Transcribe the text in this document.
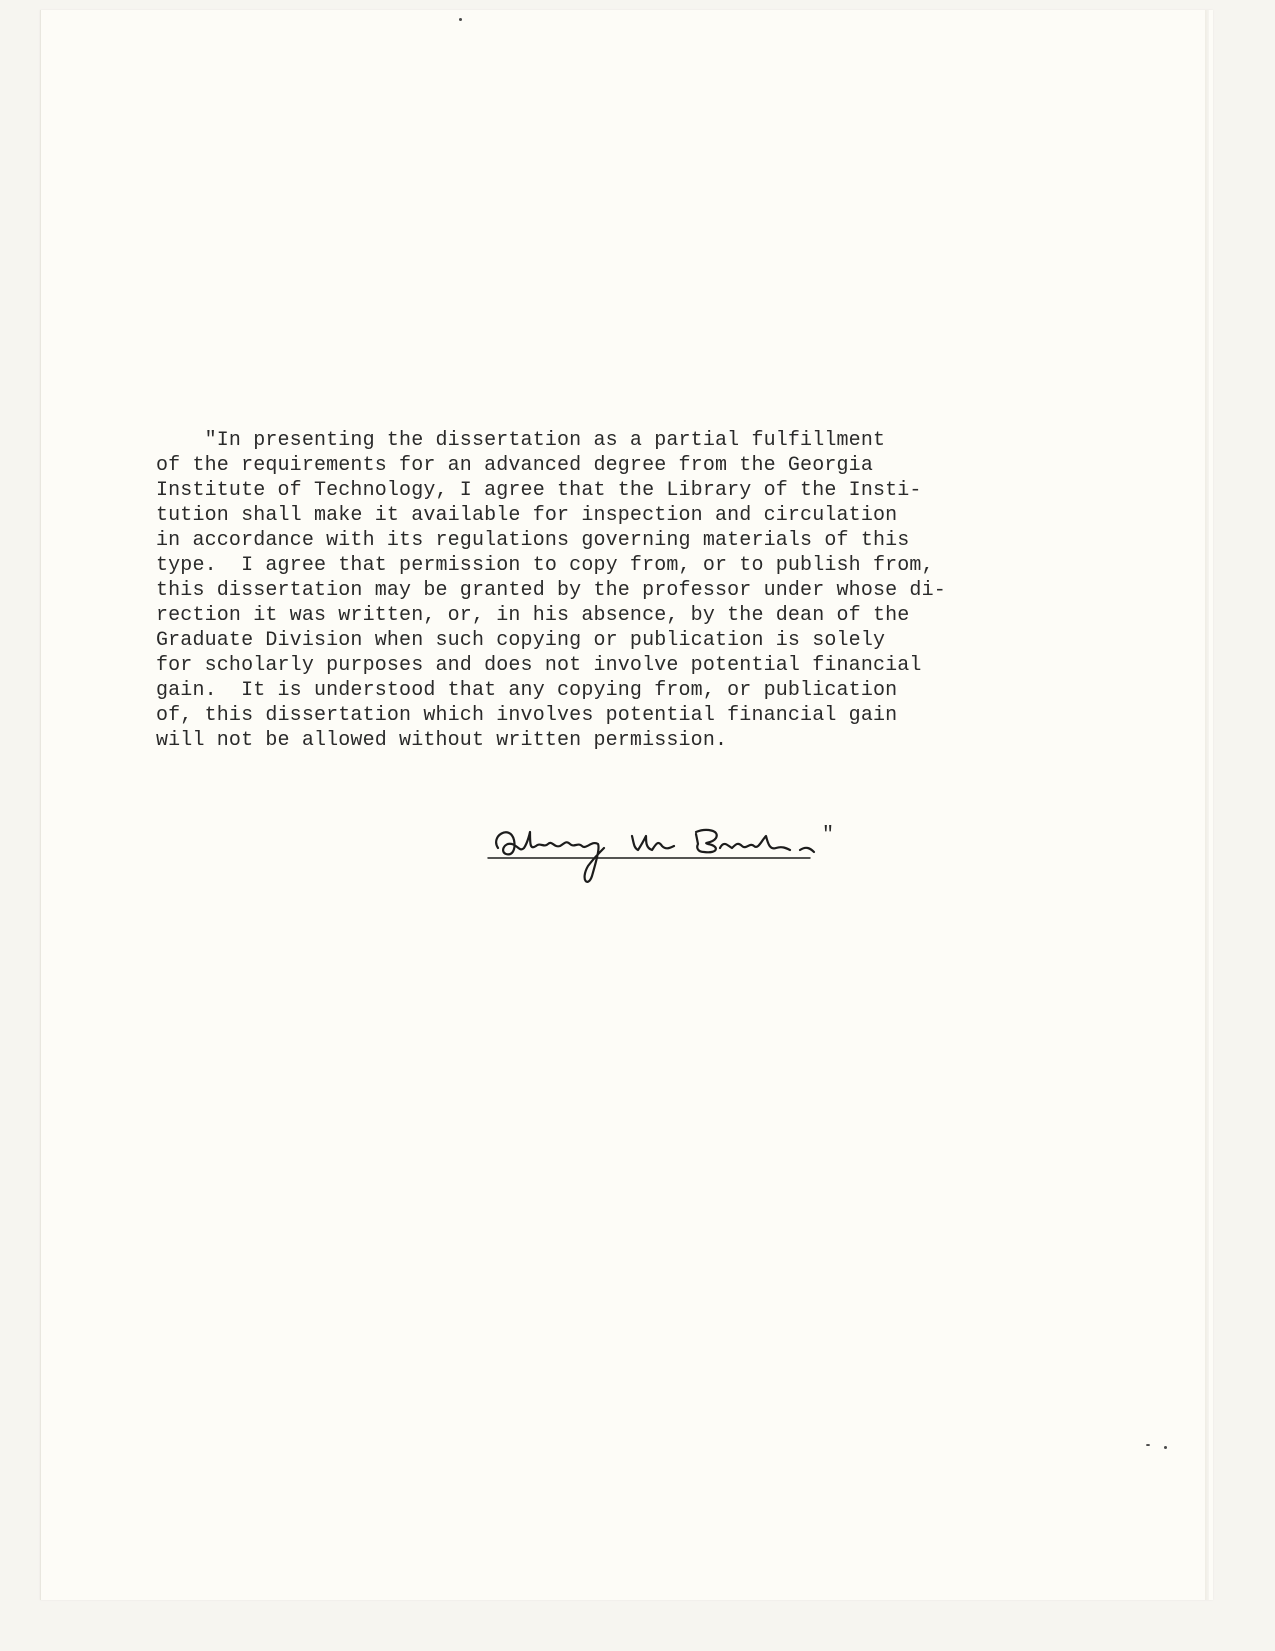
"In presenting the dissertation as a partial fulfillment
of the requirements for an advanced degree from the Georgia
Institute of Technology, I agree that the Library of the Insti-
tution shall make it available for inspection and circulation
in accordance with its regulations governing materials of this
type.  I agree that permission to copy from, or to publish from,
this dissertation may be granted by the professor under whose di-
rection it was written, or, in his absence, by the dean of the
Graduate Division when such copying or publication is solely
for scholarly purposes and does not involve potential financial
gain.  It is understood that any copying from, or publication
of, this dissertation which involves potential financial gain
will not be allowed without written permission.
"
